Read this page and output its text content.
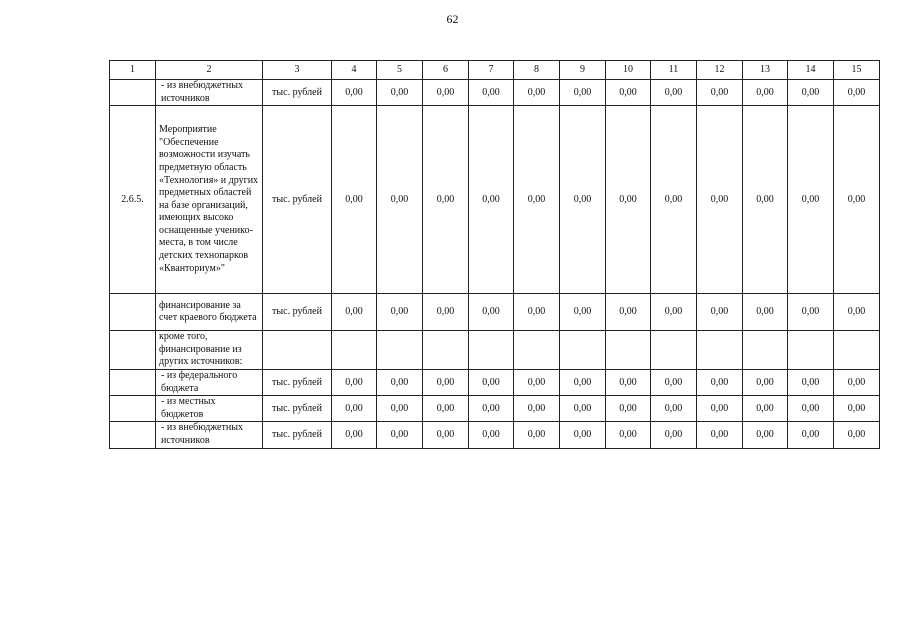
62
1	2	3	4	5	6	7	8	9	10	11	12	13	14	15
	- из внебюджетных источников	тыс. рублей	0,00	0,00	0,00	0,00	0,00	0,00	0,00	0,00	0,00	0,00	0,00	0,00
2.6.5.	Мероприятие "Обеспечение возможности изучать предметную область «Технология» и других предметных областей на базе организаций, имеющих высоко оснащенные ученико-места, в том числе детских технопарков «Кванториум»"	тыс. рублей	0,00	0,00	0,00	0,00	0,00	0,00	0,00	0,00	0,00	0,00	0,00	0,00
	финансирование за счет краевого бюджета	тыс. рублей	0,00	0,00	0,00	0,00	0,00	0,00	0,00	0,00	0,00	0,00	0,00	0,00
	кроме того, финансирование из других источников:													
	- из федерального бюджета	тыс. рублей	0,00	0,00	0,00	0,00	0,00	0,00	0,00	0,00	0,00	0,00	0,00	0,00
	- из местных бюджетов	тыс. рублей	0,00	0,00	0,00	0,00	0,00	0,00	0,00	0,00	0,00	0,00	0,00	0,00
	- из внебюджетных источников	тыс. рублей	0,00	0,00	0,00	0,00	0,00	0,00	0,00	0,00	0,00	0,00	0,00	0,00
